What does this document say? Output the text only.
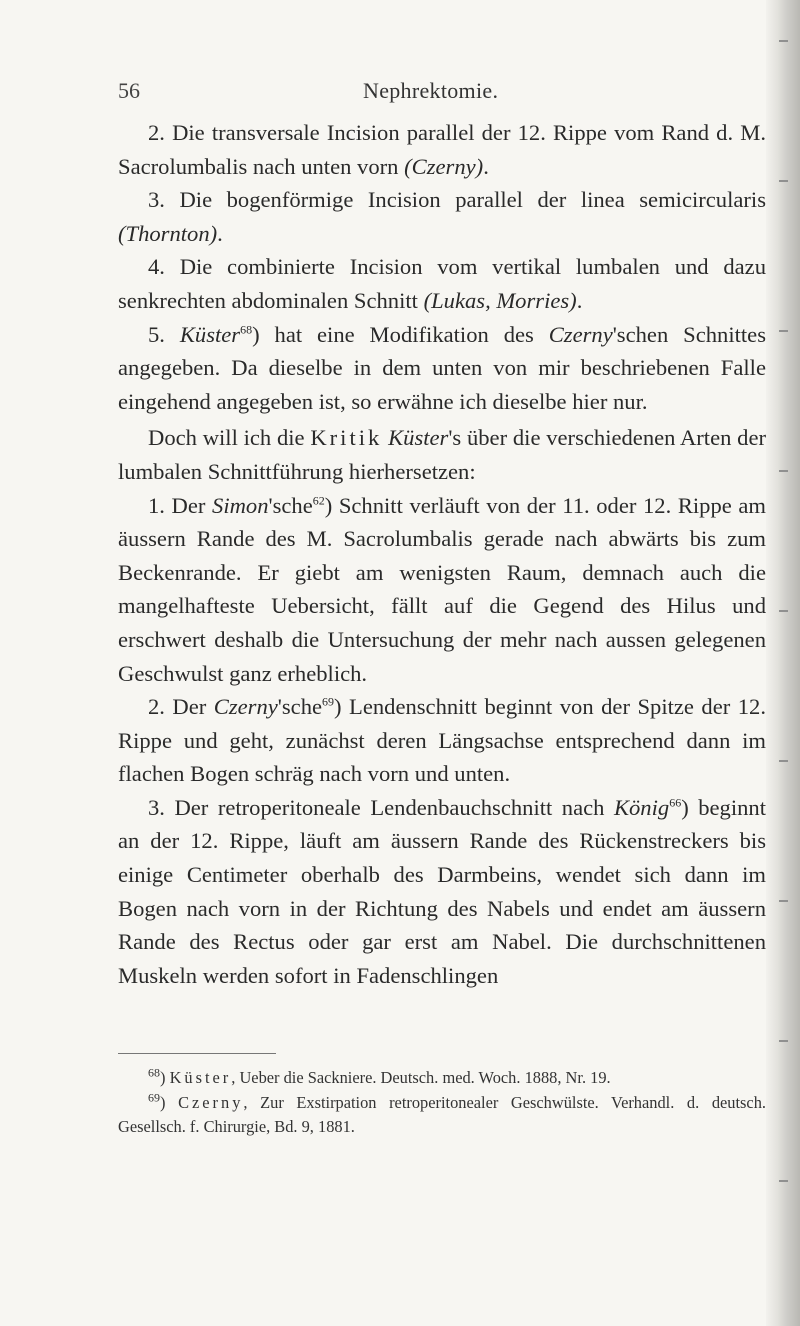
56	Nephrektomie.

2. Die transversale Incision parallel der 12. Rippe vom Rand d. M. Sacrolumbalis nach unten vorn (Czerny).

3. Die bogenförmige Incision parallel der linea semicircularis (Thornton).

4. Die combinierte Incision vom vertikal lumbalen und dazu senkrechten abdominalen Schnitt (Lukas, Morries).

5. Küster$^{68}$) hat eine Modifikation des Czerny'schen Schnittes angegeben. Da dieselbe in dem unten von mir beschriebenen Falle eingehend angegeben ist, so erwähne ich dieselbe hier nur.

Doch will ich die Kritik Küster's über die verschiedenen Arten der lumbalen Schnittführung hierhersetzen:

1. Der Simon'sche$^{62}$) Schnitt verläuft von der 11. oder 12. Rippe am äussern Rande des M. Sacrolumbalis gerade nach abwärts bis zum Beckenrande. Er giebt am wenigsten Raum, demnach auch die mangelhafteste Uebersicht, fällt auf die Gegend des Hilus und erschwert deshalb die Untersuchung der mehr nach aussen gelegenen Geschwulst ganz erheblich.

2. Der Czerny'sche$^{69}$) Lendenschnitt beginnt von der Spitze der 12. Rippe und geht, zunächst deren Längsachse entsprechend dann im flachen Bogen schräg nach vorn und unten.

3. Der retroperitoneale Lendenbauchschnitt nach König$^{66}$) beginnt an der 12. Rippe, läuft am äussern Rande des Rückenstreckers bis einige Centimeter oberhalb des Darmbeins, wendet sich dann im Bogen nach vorn in der Richtung des Nabels und endet am äussern Rande des Rectus oder gar erst am Nabel. Die durchschnittenen Muskeln werden sofort in Fadenschlingen

$^{68}$) Küster, Ueber die Sackniere. Deutsch. med. Woch. 1888, Nr. 19.

$^{69}$) Czerny, Zur Exstirpation retroperitonealer Geschwülste. Verhandl. d. deutsch. Gesellsch. f. Chirurgie, Bd. 9, 1881.
